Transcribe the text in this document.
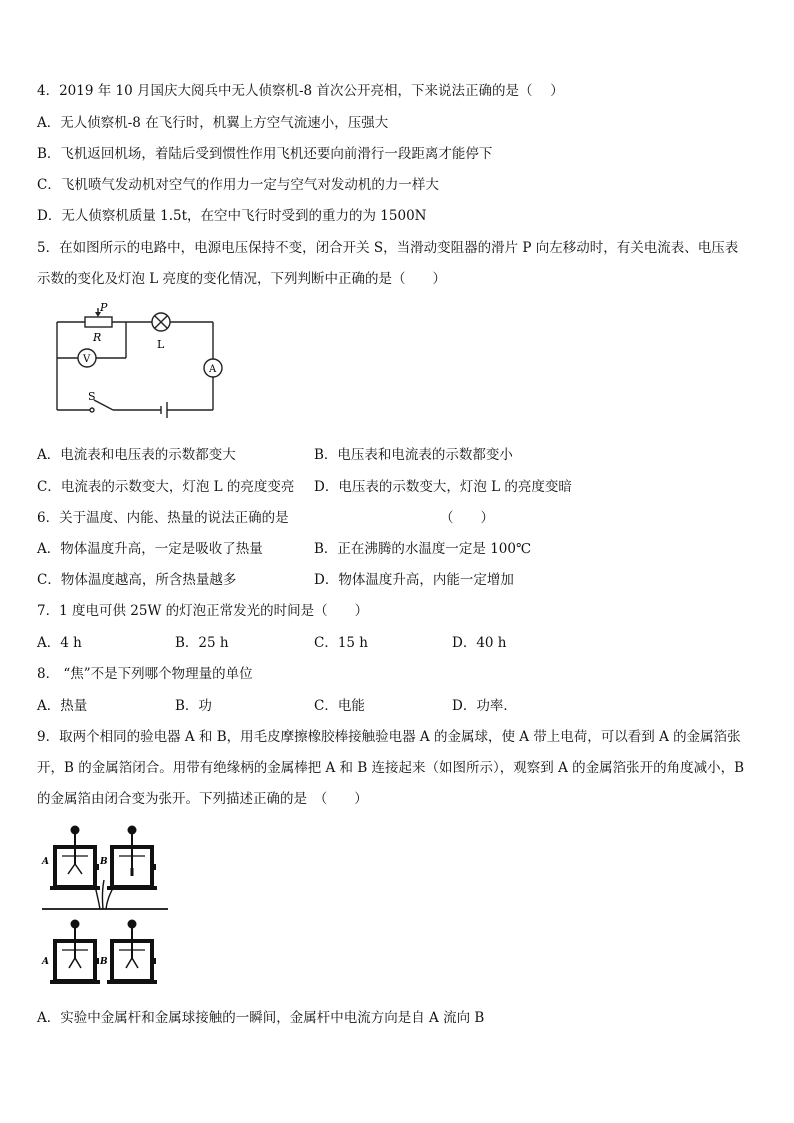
4．2019 年 10 月国庆大阅兵中无人侦察机-8 首次公开亮相，下来说法正确的是（　 ）
A．无人侦察机-8 在飞行时，机翼上方空气流速小，压强大
B．飞机返回机场，着陆后受到惯性作用飞机还要向前滑行一段距离才能停下
C．飞机喷气发动机对空气的作用力一定与空气对发动机的力一样大
D．无人侦察机质量 1.5t，在空中飞行时受到的重力的为 1500N
5．在如图所示的电路中，电源电压保持不变，闭合开关 S，当滑动变阻器的滑片 P 向左移动时，有关电流表、电压表
示数的变化及灯泡 L 亮度的变化情况，下列判断中正确的是（　　）
P
R
L
V
A
S
A．电流表和电压表的示数都变大	B．电压表和电流表的示数都变小
C．电流表的示数变大，灯泡 L 的亮度变亮 D．电压表的示数变大，灯泡 L 的亮度变暗
6．关于温度、内能、热量的说法正确的是	（　　）
A．物体温度升高，一定是吸收了热量	B．正在沸腾的水温度一定是 100℃
C．物体温度越高，所含热量越多	D．物体温度升高，内能一定增加
7．1 度电可供 25W 的灯泡正常发光的时间是（　　）
A．4 h	B．25 h	C．15 h	D．40 h
8． “焦”不是下列哪个物理量的单位
A．热量	B．功	C．电能	D．功率．
9．取两个相同的验电器 A 和 B，用毛皮摩擦橡胶棒接触验电器 A 的金属球，使 A 带上电荷，可以看到 A 的金属箔张
开，B 的金属箔闭合。用带有绝缘柄的金属棒把 A 和 B 连接起来（如图所示），观察到 A 的金属箔张开的角度减小，B
的金属箔由闭合变为张开。下列描述正确的是　（　　）
A	B
A	B
A．实验中金属杆和金属球接触的一瞬间，金属杆中电流方向是自 A 流向 B
